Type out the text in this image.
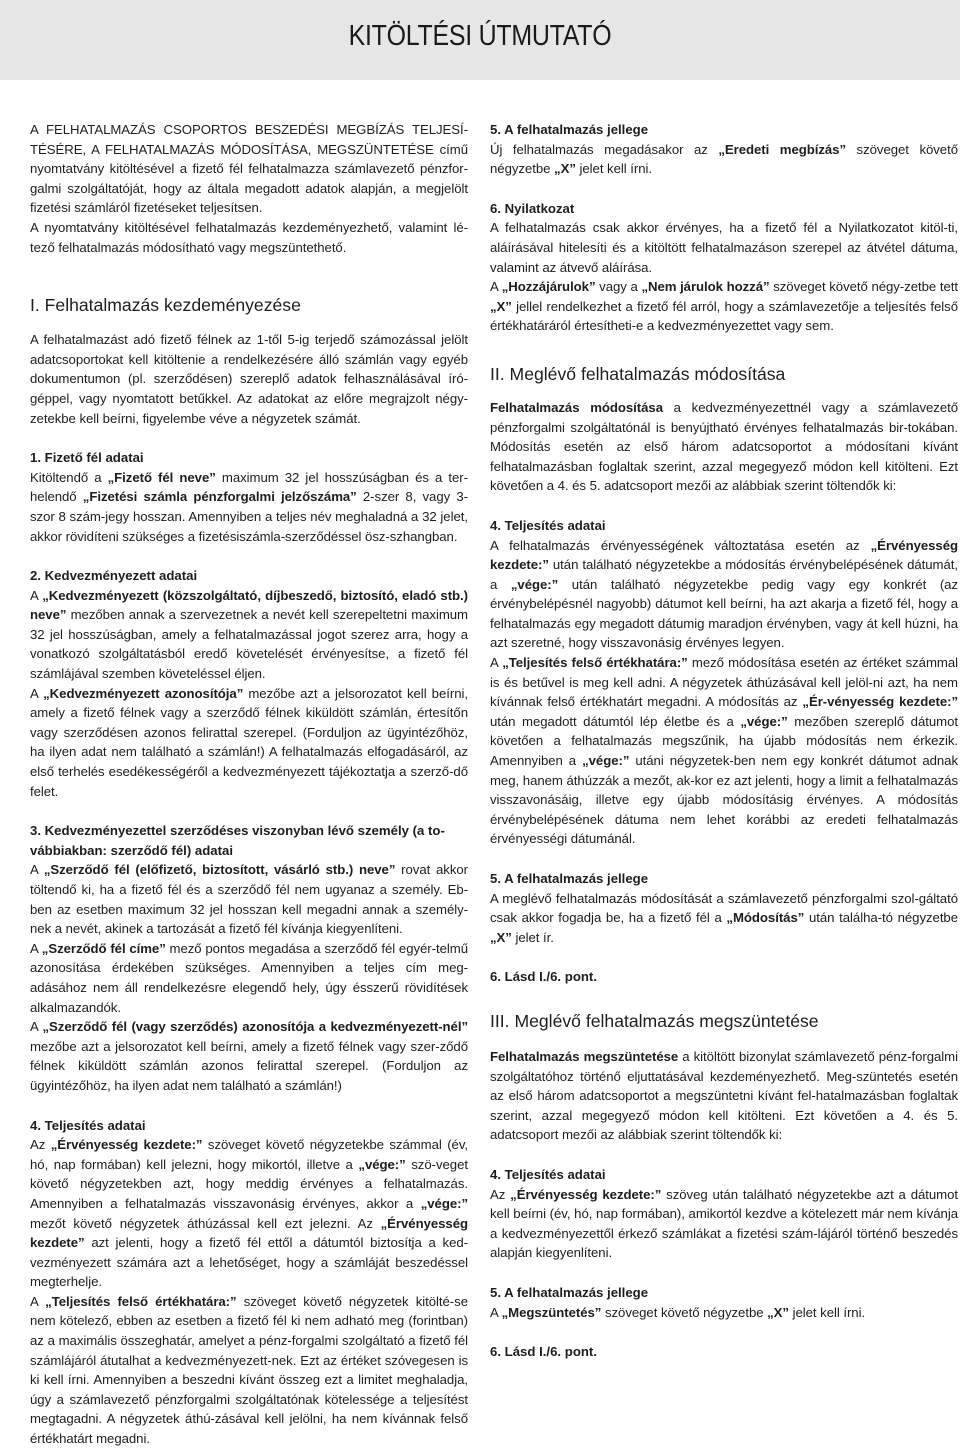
KITÖLTÉSI ÚTMUTATÓ

A FELHATALMAZÁS CSOPORTOS BESZEDÉSI MEGBÍZÁS TELJESÍ-TÉSÉRE, A FELHATALMAZÁS MÓDOSÍTÁSA, MEGSZÜNTETÉSE című nyomtatvány kitöltésével a fizető fél felhatalmazza számlavezető pénzfor-galmi szolgáltatóját, hogy az általa megadott adatok alapján, a megjelölt fizetési számláról fizetéseket teljesítsen.

A nyomtatvány kitöltésével felhatalmazás kezdeményezhető, valamint lé-tező felhatalmazás módosítható vagy megszüntethető.

I. Felhatalmazás kezdeményezése

A felhatalmazást adó fizető félnek az 1-től 5-ig terjedő számozással jelölt adatcsoportokat kell kitöltenie a rendelkezésére álló számlán vagy egyéb dokumentumon (pl. szerződésen) szereplő adatok felhasználásával író-géppel, vagy nyomtatott betűkkel. Az adatokat az előre megrajzolt négy-zetekbe kell beírni, figyelembe véve a négyzetek számát.

1. Fizető fél adatai

Kitöltendő a „Fizető fél neve” maximum 32 jel hosszúságban és a ter-helendő „Fizetési számla pénzforgalmi jelzőszáma” 2-szer 8, vagy 3-szor 8 szám-jegy hosszan. Amennyiben a teljes név meghaladná a 32 jelet, akkor rövidíteni szükséges a fizetésiszámla-szerződéssel ösz-szhangban.

2. Kedvezményezett adatai

A „Kedvezményezett (közszolgáltató, díjbeszedő, biztosító, eladó stb.) neve” mezőben annak a szervezetnek a nevét kell szerepeltetni maximum 32 jel hosszúságban, amely a felhatalmazással jogot szerez arra, hogy a vonatkozó szolgáltatásból eredő követelését érvényesítse, a fizető fél számlájával szemben követeléssel éljen.

A „Kedvezményezett azonosítója” mezőbe azt a jelsorozatot kell beírni, amely a fizető félnek vagy a szerződő félnek kiküldött számlán, értesítőn vagy szerződésen azonos felirattal szerepel. (Forduljon az ügyintézőhöz, ha ilyen adat nem található a számlán!) A felhatalmazás elfogadásáról, az első terhelés esedékességéről a kedvezményezett tájékoztatja a szerző-dő felet.

3. Kedvezményezettel szerződéses viszonyban lévő személy (a to-vábbiakban: szerződő fél) adatai

A „Szerződő fél (előfizető, biztosított, vásárló stb.) neve” rovat akkor töltendő ki, ha a fizető fél és a szerződő fél nem ugyanaz a személy. Eb-ben az esetben maximum 32 jel hosszan kell megadni annak a személy-nek a nevét, akinek a tartozását a fizető fél kívánja kiegyenlíteni.

A „Szerződő fél címe” mező pontos megadása a szerződő fél egyér-telmű azonosítása érdekében szükséges. Amennyiben a teljes cím meg-adásához nem áll rendelkezésre elegendő hely, úgy ésszerű rövidítések alkalmazandók.

A „Szerződő fél (vagy szerződés) azonosítója a kedvezményezett-nél” mezőbe azt a jelsorozatot kell beírni, amely a fizető félnek vagy szer-ződő félnek kiküldött számlán azonos felirattal szerepel. (Forduljon az ügyintézőhöz, ha ilyen adat nem található a számlán!)

4. Teljesítés adatai

Az „Érvényesség kezdete:” szöveget követő négyzetekbe számmal (év, hó, nap formában) kell jelezni, hogy mikortól, illetve a „vége:” szö-veget követő négyzetekben azt, hogy meddig érvényes a felhatalmazás. Amennyiben a felhatalmazás visszavonásig érvényes, akkor a „vége:” mezőt követő négyzetek áthúzással kell ezt jelezni. Az „Érvényesség kezdete” azt jelenti, hogy a fizető fél ettől a dátumtól biztosítja a ked-vezményezett számára azt a lehetőséget, hogy a számláját beszedéssel megterhelje.

A „Teljesítés felső értékhatára:” szöveget követő négyzetek kitölté-se nem kötelező, ebben az esetben a fizető fél ki nem adható meg (forintban) az a maximális összeghatár, amelyet a pénz-forgalmi szolgáltató a fizető fél számlájáról átutalhat a kedvezményezett-nek. Ezt az értéket szóvegesen is ki kell írni. Amennyiben a beszedni kívánt összeg ezt a limitet meghaladja, úgy a számlavezető pénzforgalmi szolgáltatónak kötelessége a teljesítést megtagadni. A négyzetek áthú-zásával kell jelölni, ha nem kívánnak felső értékhatárt megadni.

5. A felhatalmazás jellege

Új felhatalmazás megadásakor az „Eredeti megbízás” szöveget követő négyzetbe „X” jelet kell írni.

6. Nyilatkozat

A felhatalmazás csak akkor érvényes, ha a fizető fél a Nyilatkozatot kitöl-ti, aláírásával hitelesíti és a kitöltött felhatalmazáson szerepel az átvétel dátuma, valamint az átvevő aláírása.

A „Hozzájárulok” vagy a „Nem járulok hozzá” szöveget követő négy-zetbe tett „X” jellel rendelkezhet a fizető fél arról, hogy a számlavezetője a teljesítés felső értékhatáráról értesítheti-e a kedvezményezettet vagy sem.

II. Meglévő felhatalmazás módosítása

Felhatalmazás módosítása a kedvezményezettnél vagy a számlavezető pénzforgalmi szolgáltatónál is benyújtható érvényes felhatalmazás bir-tokában. Módosítás esetén az első három adatcsoportot a módosítani kívánt felhatalmazásban foglaltak szerint, azzal megegyező módon kell kitölteni. Ezt követően a 4. és 5. adatcsoport mezői az alábbiak szerint töltendők ki:

4. Teljesítés adatai

A felhatalmazás érvényességének változtatása esetén az „Érvényesség kezdete:” után található négyzetekbe a módosítás érvénybelépésének dátumát, a „vége:” után található négyzetekbe pedig vagy egy konkrét (az érvénybelépésnél nagyobb) dátumot kell beírni, ha azt akarja a fizető fél, hogy a felhatalmazás egy megadott dátumig maradjon érvényben, vagy át kell húzni, ha azt szeretné, hogy visszavonásig érvényes legyen.

A „Teljesítés felső értékhatára:” mező módosítása esetén az értéket számmal is és betűvel is meg kell adni. A négyzetek áthúzásával kell jelöl-ni azt, ha nem kívánnak felső értékhatárt megadni. A módosítás az „Ér-vényesség kezdete:” után megadott dátumtól lép életbe és a „vége:” mezőben szereplő dátumot követően a felhatalmazás megszűnik, ha újabb módosítás nem érkezik. Amennyiben a „vége:” utáni négyzetek-ben nem egy konkrét dátumot adnak meg, hanem áthúzzák a mezőt, ak-kor ez azt jelenti, hogy a limit a felhatalmazás visszavonásáig, illetve egy újabb módosításig érvényes. A módosítás érvénybelépésének dátuma nem lehet korábbi az eredeti felhatalmazás érvényességi dátumánál.

5. A felhatalmazás jellege

A meglévő felhatalmazás módosítását a számlavezető pénzforgalmi szol-gáltató csak akkor fogadja be, ha a fizető fél a „Módosítás” után találha-tó négyzetbe „X” jelet ír.

6. Lásd I./6. pont.
III. Meglévő felhatalmazás megszüntetése

Felhatalmazás megszüntetése a kitöltött bizonylat számlavezető pénz-forgalmi szolgáltatóhoz történő eljuttatásával kezdeményezhető. Meg-szüntetés esetén az első három adatcsoportot a megszüntetni kívánt fel-hatalmazásban foglaltak szerint, azzal megegyező módon kell kitölteni. Ezt követően a 4. és 5. adatcsoport mezői az alábbiak szerint töltendők ki:

4. Teljesítés adatai

Az „Érvényesség kezdete:” szöveg után található négyzetekbe azt a dátumot kell beírni (év, hó, nap formában), amikortól kezdve a kötelezett már nem kívánja a kedvezményezettől érkező számlákat a fizetési szám-lájáról történő beszedés alapján kiegyenlíteni.

5. A felhatalmazás jellege

A „Megszüntetés” szöveget követő négyzetbe „X” jelet kell írni.

6. Lásd I./6. pont.
